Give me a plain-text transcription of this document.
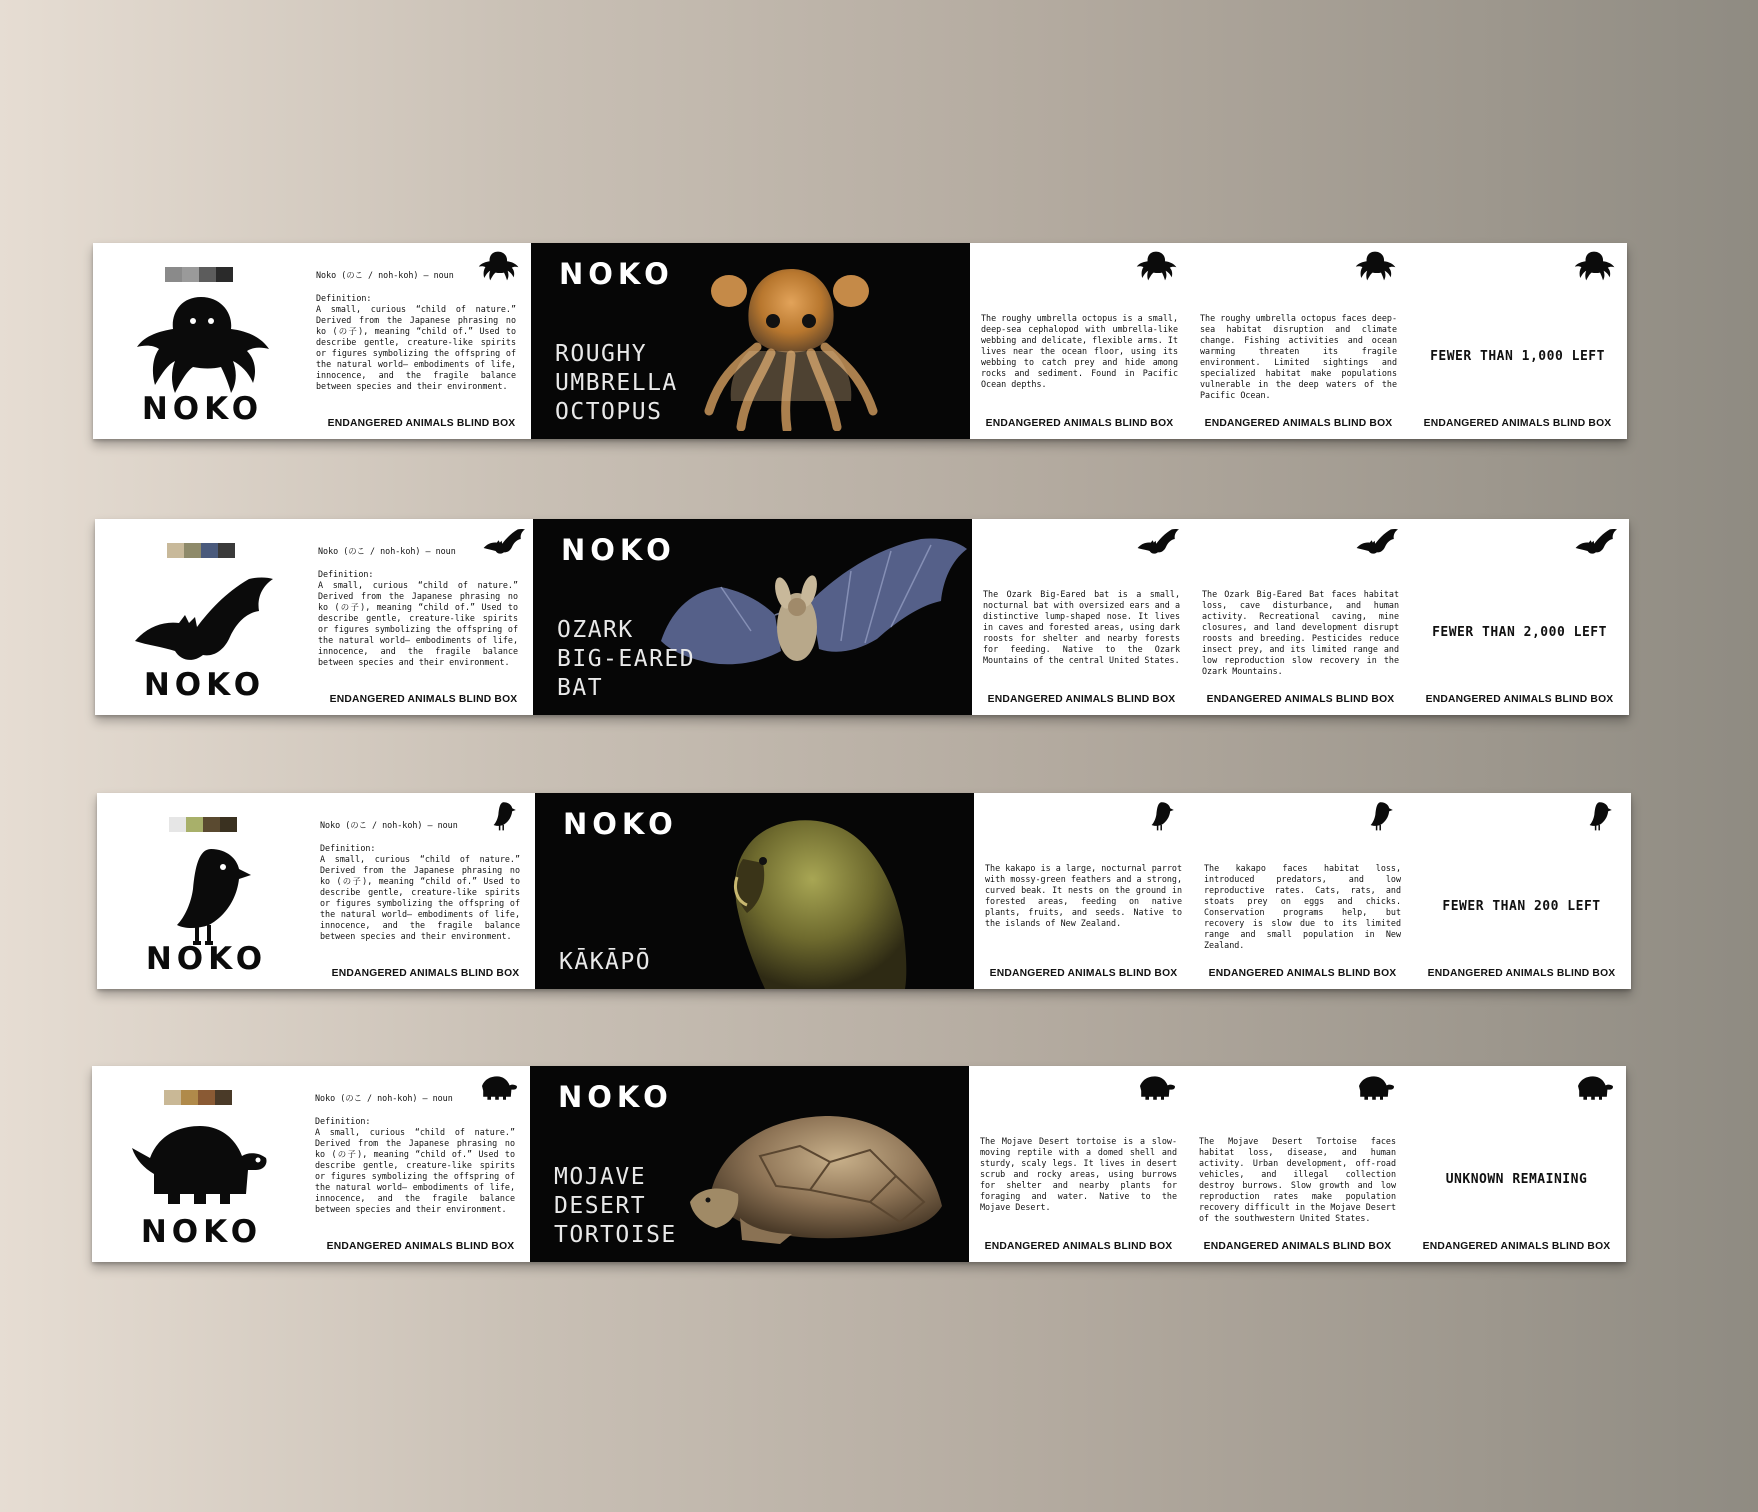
NOKO
Noko (のこ / noh-koh) — noun
Definition:
A small, curious “child of nature.” Derived from the Japanese phrasing no ko (の子), meaning “child of.” Used to describe gentle, creature-like spirits or figures symbolizing the offspring of the natural world— embodiments of life, innocence, and the fragile balance between species and their environment.
ENDANGERED ANIMALS BLIND BOX
NOKO
ROUGHY
UMBRELLA
OCTOPUS
The roughy umbrella octopus is a small, deep-sea cephalopod with umbrella-like webbing and delicate, flexible arms. It lives near the ocean floor, using its webbing to catch prey and hide among rocks and sediment. Found in Pacific Ocean depths.
ENDANGERED ANIMALS BLIND BOX
The roughy umbrella octopus faces deep-sea habitat disruption and climate change. Fishing activities and ocean warming threaten its fragile environment. Limited sightings and specialized habitat make populations vulnerable in the deep waters of the Pacific Ocean.
ENDANGERED ANIMALS BLIND BOX
FEWER THAN 1,000 LEFT
ENDANGERED ANIMALS BLIND BOX
NOKO
Noko (のこ / noh-koh) — noun
Definition:
A small, curious “child of nature.” Derived from the Japanese phrasing no ko (の子), meaning “child of.” Used to describe gentle, creature-like spirits or figures symbolizing the offspring of the natural world— embodiments of life, innocence, and the fragile balance between species and their environment.
ENDANGERED ANIMALS BLIND BOX
NOKO
OZARK
BIG-EARED
BAT
The Ozark Big-Eared bat is a small, nocturnal bat with oversized ears and a distinctive lump-shaped nose. It lives in caves and forested areas, using dark roosts for shelter and nearby forests for feeding. Native to the Ozark Mountains of the central United States.
ENDANGERED ANIMALS BLIND BOX
The Ozark Big-Eared Bat faces habitat loss, cave disturbance, and human activity. Recreational caving, mine closures, and land development disrupt roosts and breeding. Pesticides reduce insect prey, and its limited range and low reproduction slow recovery in the Ozark Mountains.
ENDANGERED ANIMALS BLIND BOX
FEWER THAN 2,000 LEFT
ENDANGERED ANIMALS BLIND BOX
NOKO
Noko (のこ / noh-koh) — noun
Definition:
A small, curious “child of nature.” Derived from the Japanese phrasing no ko (の子), meaning “child of.” Used to describe gentle, creature-like spirits or figures symbolizing the offspring of the natural world— embodiments of life, innocence, and the fragile balance between species and their environment.
ENDANGERED ANIMALS BLIND BOX
NOKO
KĀKĀPŌ
The kakapo is a large, nocturnal parrot with mossy-green feathers and a strong, curved beak. It nests on the ground in forested areas, feeding on native plants, fruits, and seeds. Native to the islands of New Zealand.
ENDANGERED ANIMALS BLIND BOX
The kakapo faces habitat loss, introduced predators, and low reproductive rates. Cats, rats, and stoats prey on eggs and chicks. Conservation programs help, but recovery is slow due to its limited range and small population in New Zealand.
ENDANGERED ANIMALS BLIND BOX
FEWER THAN 200 LEFT
ENDANGERED ANIMALS BLIND BOX
NOKO
Noko (のこ / noh-koh) — noun
Definition:
A small, curious “child of nature.” Derived from the Japanese phrasing no ko (の子), meaning “child of.” Used to describe gentle, creature-like spirits or figures symbolizing the offspring of the natural world— embodiments of life, innocence, and the fragile balance between species and their environment.
ENDANGERED ANIMALS BLIND BOX
NOKO
MOJAVE
DESERT
TORTOISE
The Mojave Desert tortoise is a slow-moving reptile with a domed shell and sturdy, scaly legs. It lives in desert scrub and rocky areas, using burrows for shelter and nearby plants for foraging and water. Native to the Mojave Desert.
ENDANGERED ANIMALS BLIND BOX
The Mojave Desert Tortoise faces habitat loss, disease, and human activity. Urban development, off-road vehicles, and illegal collection destroy burrows. Slow growth and low reproduction rates make population recovery difficult in the Mojave Desert of the southwestern United States.
ENDANGERED ANIMALS BLIND BOX
UNKNOWN REMAINING
ENDANGERED ANIMALS BLIND BOX
